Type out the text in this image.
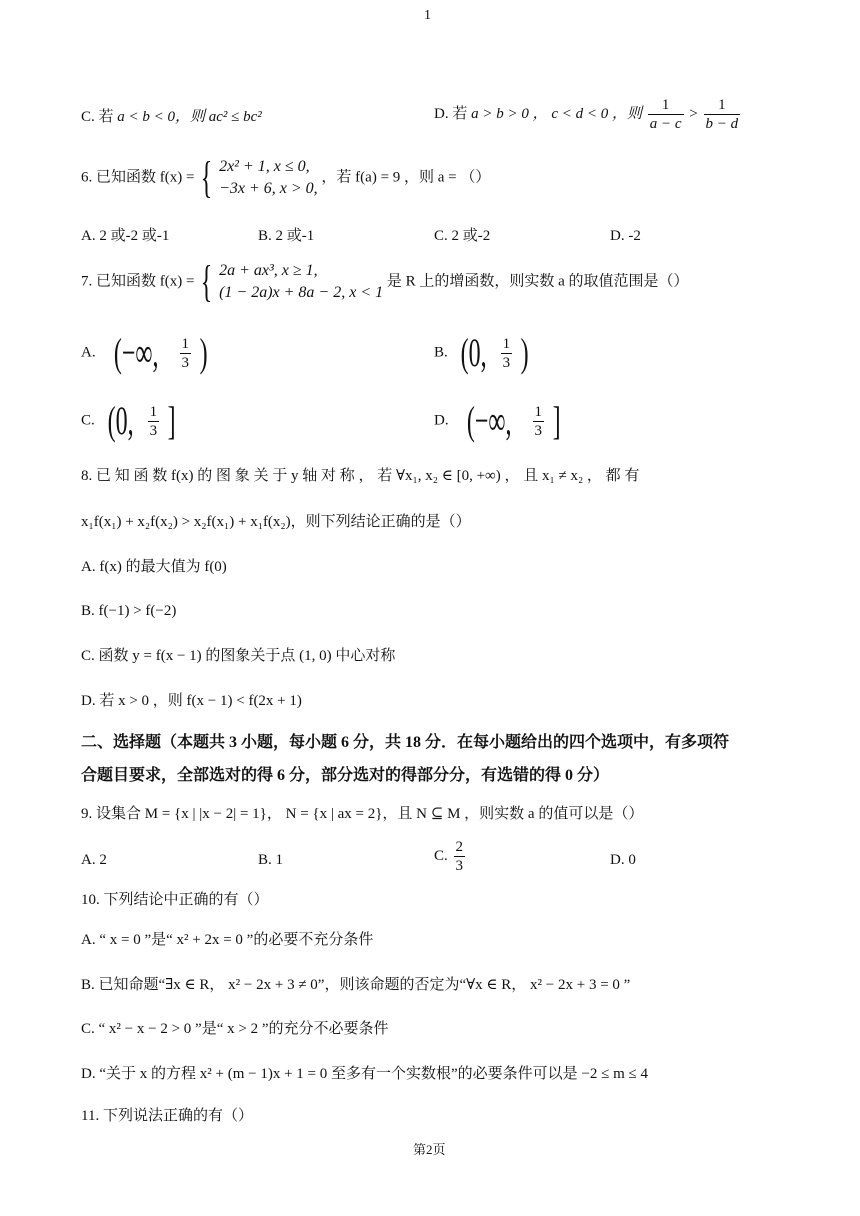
1
C. 若 a < b < 0，则 ac² ≤ bc²	D. 若 a > b > 0 ， c < d < 0 ，则 $\frac{1}{a - c} > \frac{1}{b - d}$
6. 已知函数 f(x) = { 2x² + 1, x ≤ 0,
−3x + 6, x > 0,
，若 f(a) = 9 ，则 a = （）
A. 2 或-2 或-1	B. 2 或-1	C. 2 或-2	D. -2
7. 已知函数 f(x) = { 2a + ax³, x ≥ 1,
(1 − 2a)x + 8a − 2, x < 1
是 R 上的增函数，则实数 a 的取值范围是（）
A. (−∞, $\frac{1}{3}$ )	B. (0, $\frac{1}{3}$ )
C. (0, $\frac{1}{3}$ ]	D. (−∞, $\frac{1}{3}$ ]
8. 已 知 函 数 f(x) 的 图 象 关 于 y 轴 对 称 ， 若 ∀x₁, x₂ ∈ [0, +∞) ， 且 x₁ ≠ x₂ ， 都 有
x₁f(x₁) + x₂f(x₂) > x₂f(x₁) + x₁f(x₂)，则下列结论正确的是（）
A. f(x) 的最大值为 f(0)
B. f(−1) > f(−2)
C. 函数 y = f(x − 1) 的图象关于点 (1, 0) 中心对称
D. 若 x > 0 ，则 f(x − 1) < f(2x + 1)
二、选择题（本题共 3 小题，每小题 6 分，共 18 分．在每小题给出的四个选项中，有多项符
合题目要求，全部选对的得 6 分，部分选对的得部分分，有选错的得 0 分）
9. 设集合 M = {x | |x − 2| = 1}， N = {x | ax = 2}，且 N ⊆ M ，则实数 a 的值可以是（）
A. 2	B. 1	C. $\frac{2}{3}$	D. 0
10. 下列结论中正确的有（）
A. “ x = 0 ”是“ x² + 2x = 0 ”的必要不充分条件
B. 已知命题“∃x ∈ R， x² − 2x + 3 ≠ 0”，则该命题的否定为“∀x ∈ R， x² − 2x + 3 = 0 ”
C. “ x² − x − 2 > 0 ”是“ x > 2 ”的充分不必要条件
D. “关于 x 的方程 x² + (m − 1)x + 1 = 0 至多有一个实数根”的必要条件可以是 −2 ≤ m ≤ 4
11. 下列说法正确的有（）
第2页
